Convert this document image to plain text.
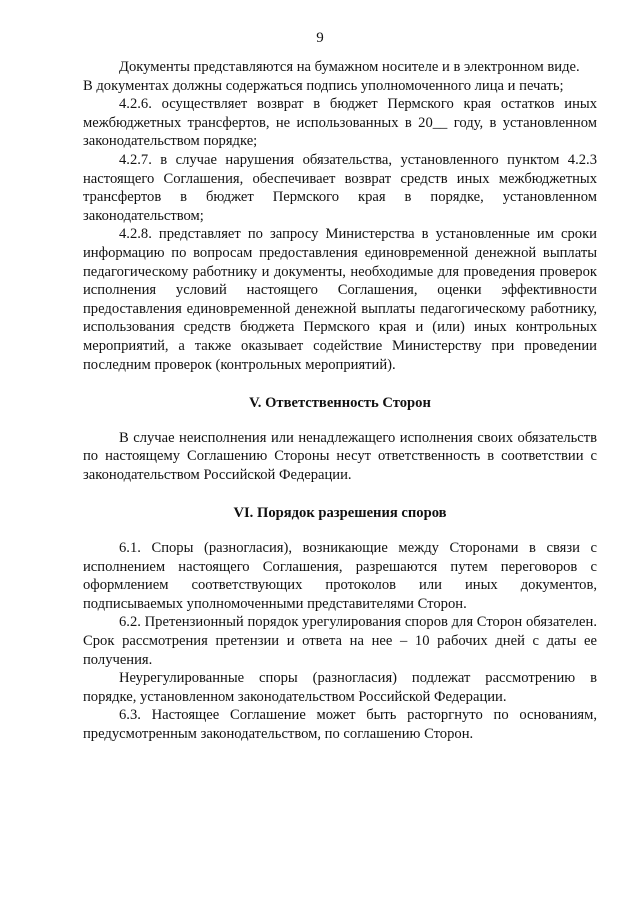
9

Документы представляются на бумажном носителе и в электронном виде.

В документах должны содержаться подпись уполномоченного лица и печать;

4.2.6. осуществляет возврат в бюджет Пермского края остатков иных межбюджетных трансфертов, не использованных в 20__ году, в установленном законодательством порядке;

4.2.7. в случае нарушения обязательства, установленного пунктом 4.2.3 настоящего Соглашения, обеспечивает возврат средств иных межбюджетных трансфертов в бюджет Пермского края в порядке, установленном законодательством;

4.2.8. представляет по запросу Министерства в установленные им сроки информацию по вопросам предоставления единовременной денежной выплаты педагогическому работнику и документы, необходимые для проведения проверок исполнения условий настоящего Соглашения, оценки эффективности предоставления единовременной денежной выплаты педагогическому работнику, использования средств бюджета Пермского края и (или) иных контрольных мероприятий, а также оказывает содействие Министерству при проведении последним проверок (контрольных мероприятий).

V. Ответственность Сторон

В случае неисполнения или ненадлежащего исполнения своих обязательств по настоящему Соглашению Стороны несут ответственность в соответствии с законодательством Российской Федерации.

VI. Порядок разрешения споров

6.1. Споры (разногласия), возникающие между Сторонами в связи с исполнением настоящего Соглашения, разрешаются путем переговоров с оформлением соответствующих протоколов или иных документов, подписываемых уполномоченными представителями Сторон.

6.2. Претензионный порядок урегулирования споров для Сторон обязателен. Срок рассмотрения претензии и ответа на нее – 10 рабочих дней с даты ее получения.

Неурегулированные споры (разногласия) подлежат рассмотрению в порядке, установленном законодательством Российской Федерации.

6.3. Настоящее Соглашение может быть расторгнуто по основаниям, предусмотренным законодательством, по соглашению Сторон.
